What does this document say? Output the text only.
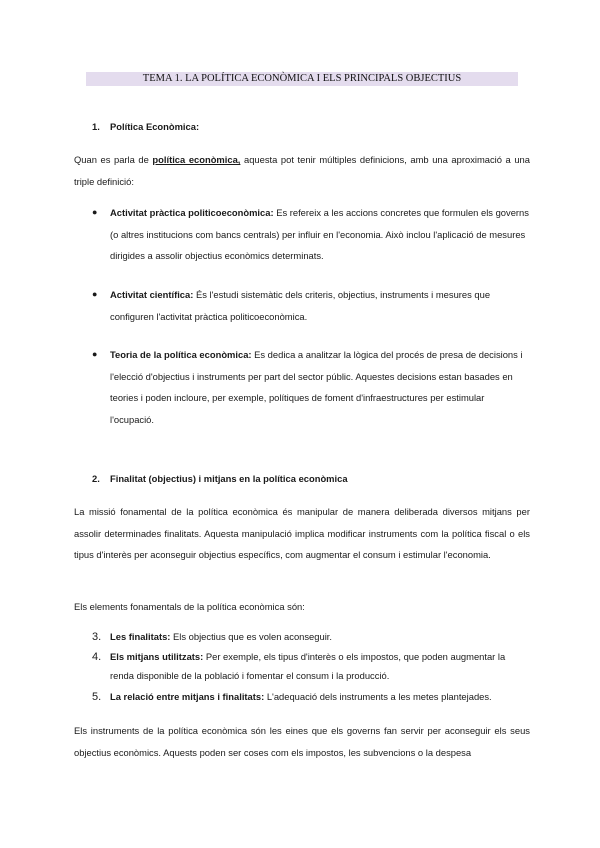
TEMA 1. LA POLÍTICA ECONÒMICA I ELS PRINCIPALS OBJECTIUS
1. Política Econòmica:
Quan es parla de política econòmica, aquesta pot tenir múltiples definicions, amb una aproximació a una triple definició:
● Activitat pràctica politicoeconòmica: Es refereix a les accions concretes que formulen els governs (o altres institucions com bancs centrals) per influir en l'economia. Això inclou l'aplicació de mesures dirigides a assolir objectius econòmics determinats.
● Activitat científica: És l'estudi sistemàtic dels criteris, objectius, instruments i mesures que configuren l'activitat pràctica politicoeconòmica.
● Teoria de la política econòmica: Es dedica a analitzar la lògica del procés de presa de decisions i l'elecció d'objectius i instruments per part del sector públic. Aquestes decisions estan basades en teories i poden incloure, per exemple, polítiques de foment d'infraestructures per estimular l'ocupació.
2. Finalitat (objectius) i mitjans en la política econòmica
La missió fonamental de la política econòmica és manipular de manera deliberada diversos mitjans per assolir determinades finalitats. Aquesta manipulació implica modificar instruments com la política fiscal o els tipus d'interès per aconseguir objectius específics, com augmentar el consum i estimular l'economia.
Els elements fonamentals de la política econòmica són:
3. Les finalitats: Els objectius que es volen aconseguir.
4. Els mitjans utilitzats: Per exemple, els tipus d'interès o els impostos, que poden augmentar la renda disponible de la població i fomentar el consum i la producció.
5. La relació entre mitjans i finalitats: L'adequació dels instruments a les metes plantejades.
Els instruments de la política econòmica són les eines que els governs fan servir per aconseguir els seus objectius econòmics. Aquests poden ser coses com els impostos, les subvencions o la despesa
